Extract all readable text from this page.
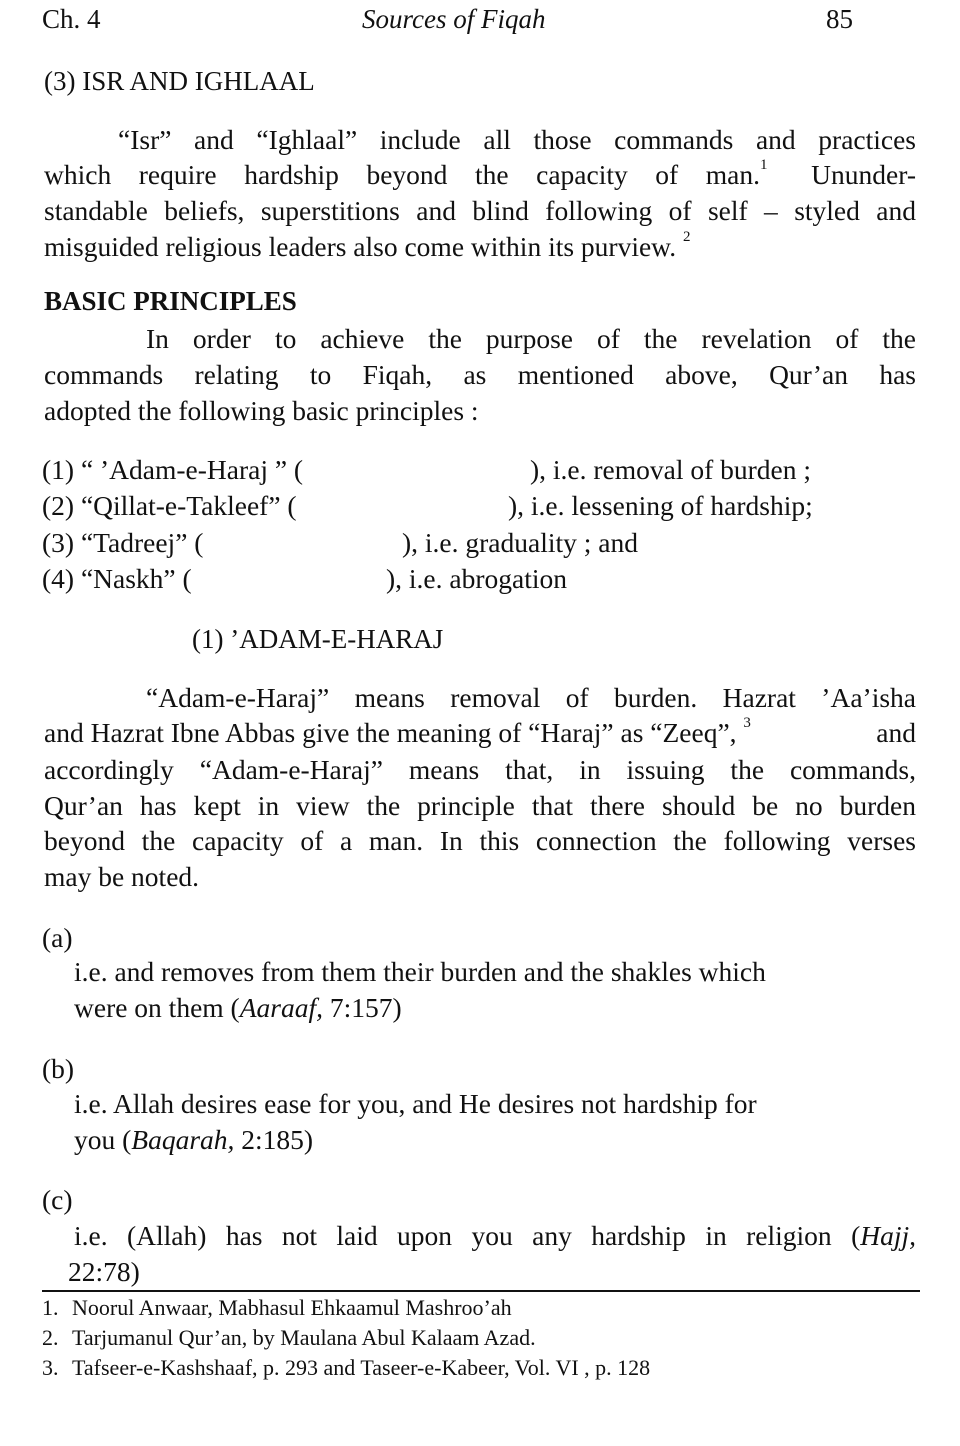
Ch. 4	Sources of Fiqah	85
(3) ISR AND IGHLAAL
“Isr” and “Ighlaal” include all those commands and practices
which require hardship beyond the capacity of man.$^1$ Ununder-
standable beliefs, superstitions and blind following of self – styled and
misguided religious leaders also come within its purview. $^2$
BASIC PRINCIPLES
In order to achieve the purpose of the revelation of the
commands relating to Fiqah, as mentioned above, Qur’an has
adopted the following basic principles :
(1) “ ’Adam-e-Haraj ” (	), i.e. removal of burden ;
(2) “Qillat-e-Takleef” (	), i.e. lessening of hardship;
(3) “Tadreej” (	), i.e. graduality ; and
(4) “Naskh” (	), i.e. abrogation
(1) ’ADAM-E-HARAJ
“Adam-e-Haraj” means removal of burden. Hazrat ’Aa’isha
and Hazrat Ibne Abbas give the meaning of “Haraj” as “Zeeq”, $^3$	and
accordingly “Adam-e-Haraj” means that, in issuing the commands,
Qur’an has kept in view the principle that there should be no burden
beyond the capacity of a man. In this connection the following verses
may be noted.
(a)
i.e. and removes from them their burden and the shakles which
were on them (Aaraaf, 7:157)
(b)
i.e. Allah desires ease for you, and He desires not hardship for
you (Baqarah, 2:185)
(c)
i.e. (Allah) has not laid upon you any hardship in religion (Hajj,
22:78)
1. Noorul Anwaar, Mabhasul Ehkaamul Mashroo’ah
2. Tarjumanul Qur’an, by Maulana Abul Kalaam Azad.
3. Tafseer-e-Kashshaaf, p. 293 and Taseer-e-Kabeer, Vol. VI , p. 128
